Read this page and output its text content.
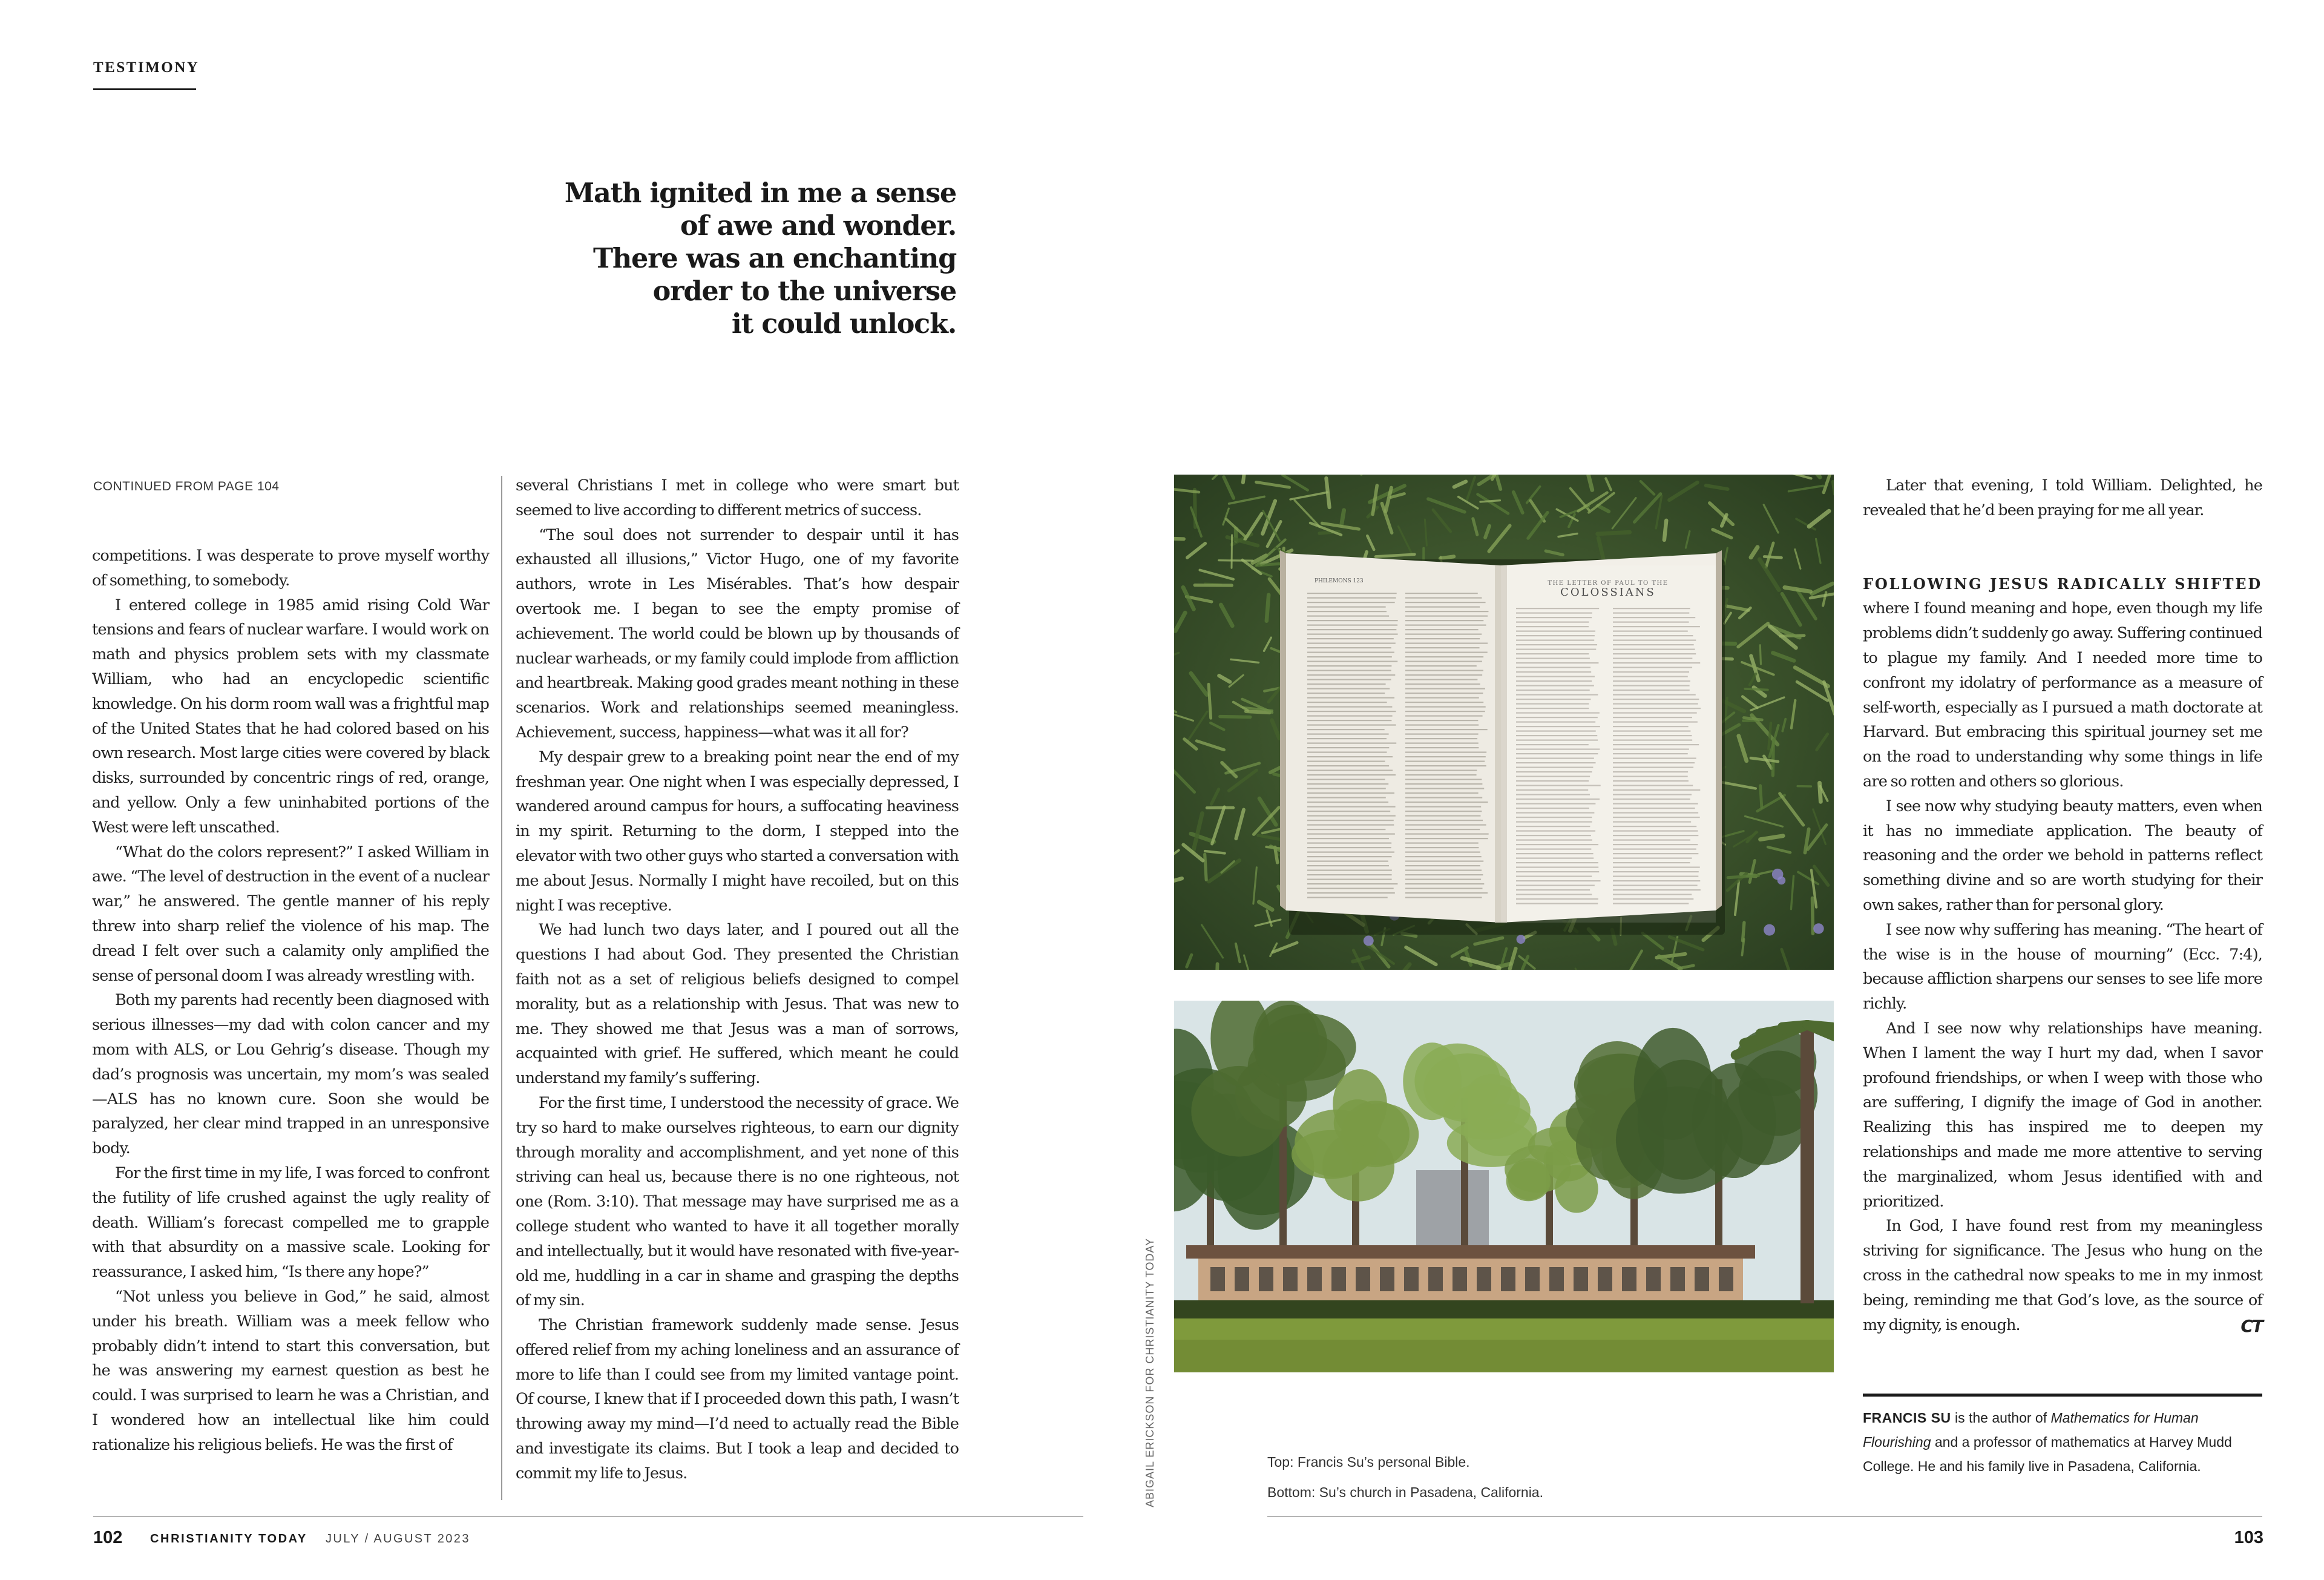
TESTIMONY
Math ignited in me a sense
of awe and wonder.
There was an enchanting
order to the universe
it could unlock.
CONTINUED FROM PAGE 104

competitions. I was desperate to prove myself worthy of something, to somebody.

I entered college in 1985 amid rising Cold War tensions and fears of nuclear warfare. I would work on math and physics problem sets with my classmate William, who had an encyclopedic scientific knowledge. On his dorm room wall was a frightful map of the United States that he had colored based on his own research. Most large cities were covered by black disks, surrounded by concentric rings of red, orange, and yellow. Only a few uninhabited portions of the West were left unscathed.

“What do the colors represent?” I asked William in awe. “The level of destruction in the event of a nuclear war,” he answered. The gentle manner of his reply threw into sharp relief the violence of his map. The dread I felt over such a calamity only amplified the sense of personal doom I was already wrestling with.

Both my parents had recently been diagnosed with serious illnesses—my dad with colon cancer and my mom with ALS, or Lou Gehrig’s disease. Though my dad’s prognosis was uncertain, my mom’s was sealed—ALS has no known cure. Soon she would be paralyzed, her clear mind trapped in an unresponsive body.

For the first time in my life, I was forced to confront the futility of life crushed against the ugly reality of death. William’s forecast compelled me to grapple with that absurdity on a massive scale. Looking for reassurance, I asked him, “Is there any hope?”

“Not unless you believe in God,” he said, almost under his breath. William was a meek fellow who probably didn’t intend to start this conversation, but he was answering my earnest question as best he could. I was surprised to learn he was a Christian, and I wondered how an intellectual like him could rationalize his religious beliefs. He was the first of

several Christians I met in college who were smart but seemed to live according to different metrics of success.

“The soul does not surrender to despair until it has exhausted all illusions,” Victor Hugo, one of my favorite authors, wrote in Les Misérables. That’s how despair overtook me. I began to see the empty promise of achievement. The world could be blown up by thousands of nuclear warheads, or my family could implode from affliction and heartbreak. Making good grades meant nothing in these scenarios. Work and relationships seemed meaningless. Achievement, success, happiness—what was it all for?

My despair grew to a breaking point near the end of my freshman year. One night when I was especially depressed, I wandered around campus for hours, a suffocating heaviness in my spirit. Returning to the dorm, I stepped into the elevator with two other guys who started a conversation with me about Jesus. Normally I might have recoiled, but on this night I was receptive.

We had lunch two days later, and I poured out all the questions I had about God. They presented the Christian faith not as a set of religious beliefs designed to compel morality, but as a relationship with Jesus. That was new to me. They showed me that Jesus was a man of sorrows, acquainted with grief. He suffered, which meant he could understand my family’s suffering.

For the first time, I understood the necessity of grace. We try so hard to make ourselves righteous, to earn our dignity through morality and accomplishment, and yet none of this striving can heal us, because there is no one righteous, not one (Rom. 3:10). That message may have surprised me as a college student who wanted to have it all together morally and intellectually, but it would have resonated with five-year-old me, huddling in a car in shame and grasping the depths of my sin.

The Christian framework suddenly made sense. Jesus offered relief from my aching loneliness and an assurance of more to life than I could see from my limited vantage point. Of course, I knew that if I proceeded down this path, I wasn’t throwing away my mind—I’d need to actually read the Bible and investigate its claims. But I took a leap and decided to commit my life to Jesus.

PHILEMONS 123	THE LETTER OF PAUL TO THE
COLOSSIANS
ABIGAIL ERICKSON FOR CHRISTIANITY TODAY	Top: Francis Su’s personal Bible.
Bottom: Su’s church in Pasadena, California.

Later that evening, I told William. Delighted, he revealed that he’d been praying for me all year.

FOLLOWING JESUS RADICALLY SHIFTED where I found meaning and hope, even though my life problems didn’t suddenly go away. Suffering continued to plague my family. And I needed more time to confront my idolatry of performance as a measure of self-worth, especially as I pursued a math doctorate at Harvard. But embracing this spiritual journey set me on the road to understanding why some things in life are so rotten and others so glorious.

I see now why studying beauty matters, even when it has no immediate application. The beauty of reasoning and the order we behold in patterns reflect something divine and so are worth studying for their own sakes, rather than for personal glory.

I see now why suffering has meaning. “The heart of the wise is in the house of mourning” (Ecc. 7:4), because affliction sharpens our senses to see life more richly.

And I see now why relationships have meaning. When I lament the way I hurt my dad, when I savor profound friendships, or when I weep with those who are suffering, I dignify the image of God in another. Realizing this has inspired me to deepen my relationships and made me more attentive to serving the marginalized, whom Jesus identified with and prioritized.

In God, I have found rest from my meaningless striving for significance. The Jesus who hung on the cross in the cathedral now speaks to me in my inmost being, reminding me that God’s love, as the source of my dignity, is enough.	CT

FRANCIS SU is the author of Mathematics for Human Flourishing and a professor of mathematics at Harvey Mudd College. He and his family live in Pasadena, California.
102 CHRISTIANITY TODAY JULY / AUGUST 2023	103
